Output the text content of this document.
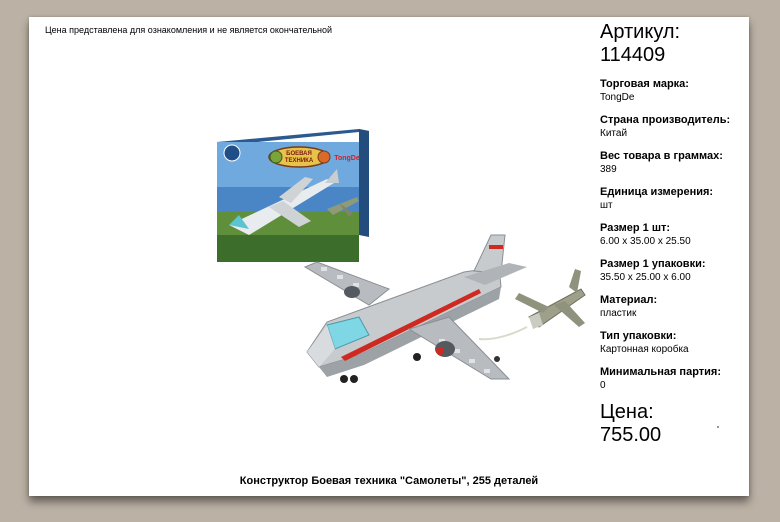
Цена представлена для ознакомления и не является окончательной
БОЕВАЯ
ТЕХНИКА	TongDe
Артикул:
114409
Торговая марка:
TongDe
Страна производитель:
Китай
Вес товара в граммах:
389
Единица измерения:
шт
Размер 1 шт:
6.00 x 35.00 x 25.50
Размер 1 упаковки:
35.50 x 25.00 x 6.00
Материал:
пластик
Тип упаковки:
Картонная коробка
Минимальная партия:
0
Цена:
755.00
Конструктор Боевая техника "Самолеты", 255 деталей
